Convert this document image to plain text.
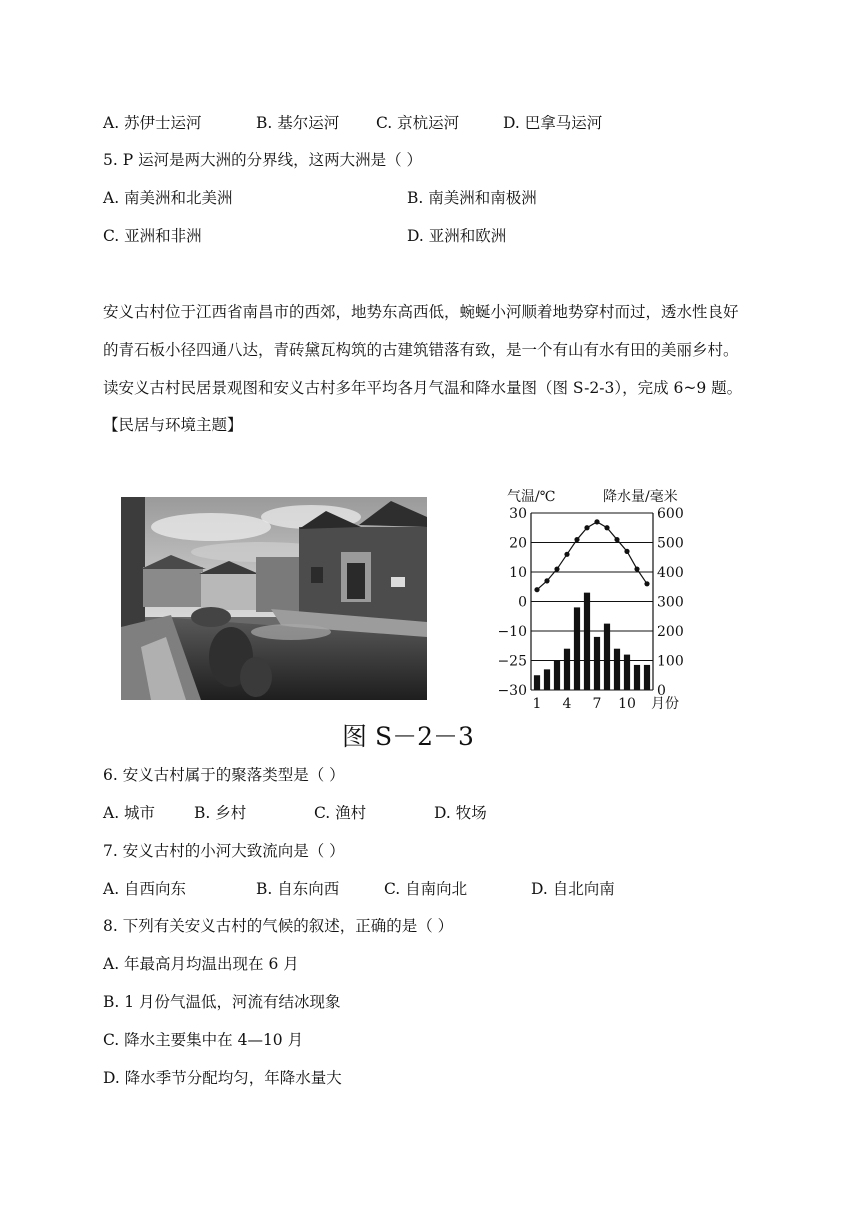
A. 苏伊士运河	B. 基尔运河 C. 京杭运河	D. 巴拿马运河
5. P 运河是两大洲的分界线，这两大洲是（ ）
A. 南美洲和北美洲	B. 南美洲和南极洲
C. 亚洲和非洲	D. 亚洲和欧洲
安义古村位于江西省南昌市的西郊，地势东高西低，蜿蜒小河顺着地势穿村而过，透水性良好
的青石板小径四通八达，青砖黛瓦构筑的古建筑错落有致，是一个有山有水有田的美丽乡村。
读安义古村民居景观图和安义古村多年平均各月气温和降水量图（图 S-2-3），完成 6~9 题。
【民居与环境主题】
气温/℃	降水量/毫米
30
20
10
0
−10
−25
−30
600
500
400
300
200
100
0
1 4 7 10 月份
图 S－2－3
6. 安义古村属于的聚落类型是（ ）
A. 城市	B. 乡村	C. 渔村	D. 牧场
7. 安义古村的小河大致流向是（ ）
A. 自西向东	B. 自东向西	C. 自南向北	D. 自北向南
8. 下列有关安义古村的气候的叙述，正确的是（ ）
A. 年最高月均温出现在 6 月
B. 1 月份气温低，河流有结冰现象
C. 降水主要集中在 4—10 月
D. 降水季节分配均匀，年降水量大
